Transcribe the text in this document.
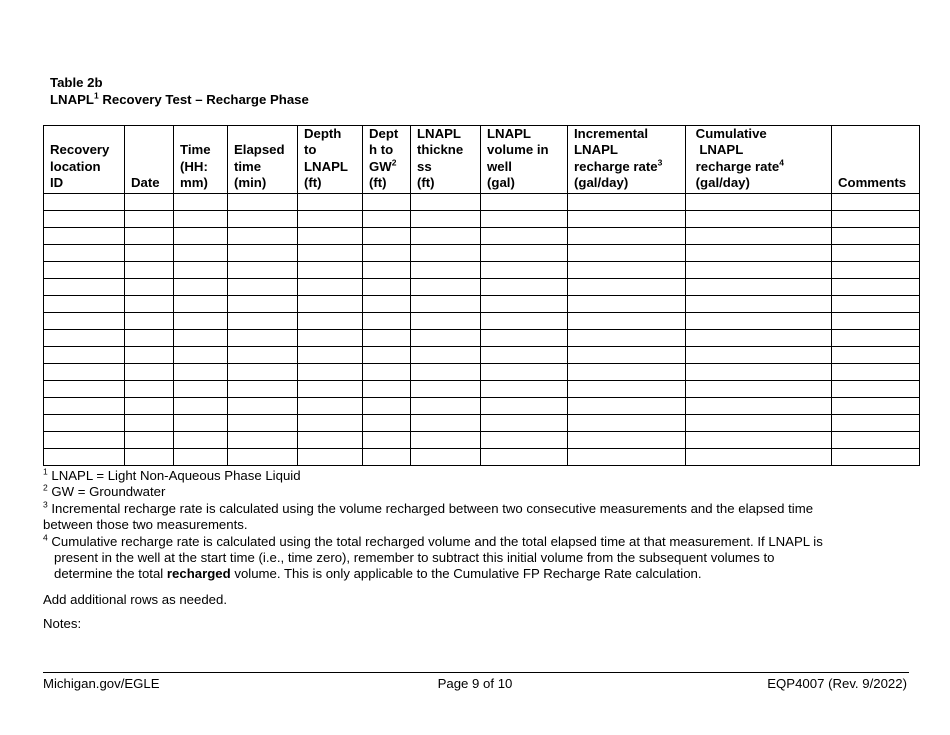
Table 2b
LNAPL$^1$ Recovery Test – Recharge Phase
Recovery
location
ID	Date	Time
(HH:
mm)	Elapsed
time
(min)	Depth
to
LNAPL
(ft)	Dept
h to
$GW^2$
(ft)	LNAPL
thickne
ss
(ft)	LNAPL
volume in
well
(gal)	Incremental
LNAPL
recharge rate$^3$
(gal/day)	Cumulative
LNAPL
recharge rate$^4$
(gal/day)	Comments

$^1$ LNAPL = Light Non-Aqueous Phase Liquid
$^2$ GW = Groundwater
$^3$ Incremental recharge rate is calculated using the volume recharged between two consecutive measurements and the elapsed time
between those two measurements.
$^4$ Cumulative recharge rate is calculated using the total recharged volume and the total elapsed time at that measurement. If LNAPL is
present in the well at the start time (i.e., time zero), remember to subtract this initial volume from the subsequent volumes to
determine the total recharged volume. This is only applicable to the Cumulative FP Recharge Rate calculation.
Add additional rows as needed.
Notes:
Michigan.gov/EGLE	Page 9 of 10	EQP4007 (Rev. 9/2022)
